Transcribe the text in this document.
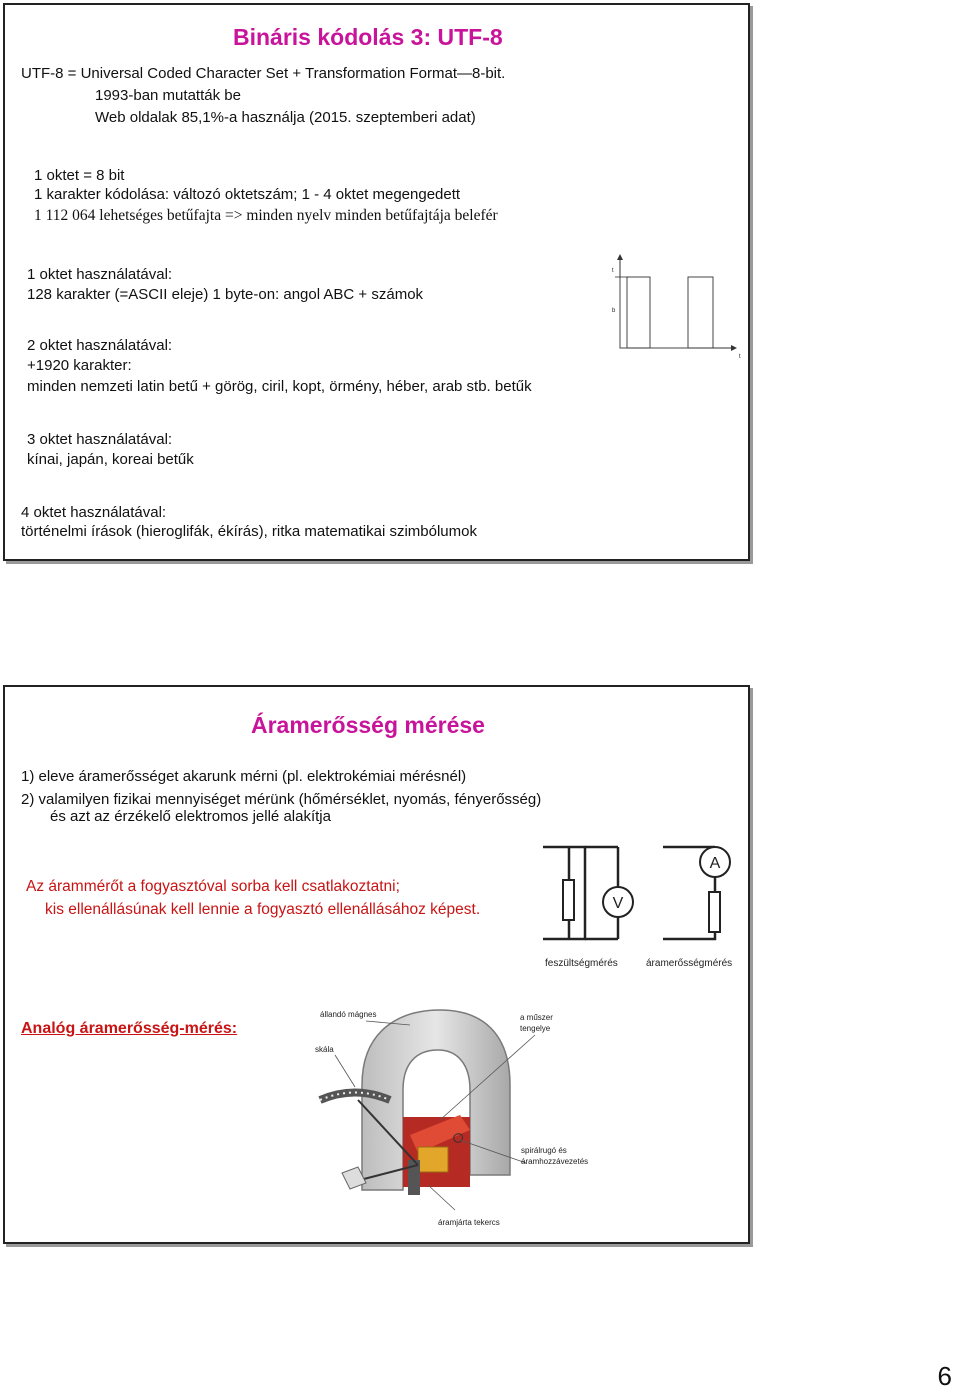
Bináris kódolás 3: UTF-8
UTF-8 = Universal Coded Character Set + Transformation Format—8-bit.
1993-ban mutatták be
Web oldalak 85,1%-a használja (2015. szeptemberi adat)
1 oktet = 8 bit
1 karakter kódolása: változó oktetszám; 1 - 4 oktet megengedett
1 112 064 lehetséges betűfajta => minden nyelv minden betűfajtája belefér
1 oktet használatával:
128 karakter (=ASCII eleje) 1 byte-on: angol ABC + számok
2 oktet használatával:
+1920 karakter:
minden nemzeti latin betű + görög, ciril, kopt, örmény, héber, arab stb. betűk
3 oktet használatával:
kínai, japán, koreai betűk
4 oktet használatával:
történelmi írások (hieroglifák, ékírás), ritka matematikai szimbólumok
t
b
t
Áramerősség mérése
1) eleve áramerősséget akarunk mérni (pl. elektrokémiai mérésnél)
2) valamilyen fizikai mennyiséget mérünk (hőmérséklet, nyomás, fényerősség)
és azt az érzékelő elektromos jellé alakítja
Az árammérőt a fogyasztóval sorba kell csatlakoztatni;
kis ellenállásúnak kell lennie a fogyasztó ellenállásához képest.
Analóg áramerősség-mérés:
V
A
feszültségmérés	áramerősségmérés
állandó mágnes	a műszer
tengelye
skála
spirálrugó és
áramhozzávezetés
áramjárta tekercs
6
